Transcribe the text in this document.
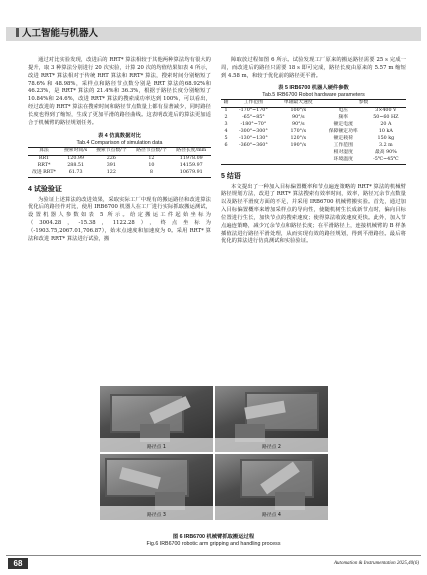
人工智能与机器人

通过对比实验发现，改进后的 RRT* 算法相较于其他两种算法均有很大的提升，取 3 种算法分别进行 20 次实验，计算 20 次的均值结果如表 4 所示，改进 RRT* 算法相对于传统 RRT 算法和 RRT* 算法，搜索时间分别缩短了 78.6% 和 48.98%，采样点和路径节点数分别是 RRT 算法的68.92%和 46.23%，是 RRT* 算法的 21.4%和 36.3%，根据于路径长度分别缩短了 10.84%和 24.6%，改进 RRT* 算法的搜索成功率达到 100%，可以看出，经过改进的 RRT* 算法在搜索时间和路径节点数量上都有显著减少，同时路径长度也得到了缩短，生成了更加平滑的路径曲线。这表明改进后的算法更加适合于机械臂的路径规划任务。

表 4 仿真数据对比

Tab.4 Comparison of simulation data

算法	搜索时间/s	搜索节点数/个	路径节点数/个	路径长度/mm
RRT	120.99	226	12	11978.09
RRT*	288.51	391	10	14159.97
改进 RRT*	61.73	122	8	10679.91
4 试验验证

为验证上述算法的改进效果，采取实际工厂中现有的搬运路径和改进算法优化后的路径作对比，使用 IRB6700 机器人在工厂进行实际抓取搬运测试，设置机器人参数如表 5 所示。给定搬运工件起始坐标为（3004.28，-15.38，1122.28），终点坐标为（-1903.75,2067.01,706.87），始末点速度和加速度为 0。采用 RRT* 算法和改进 RRT* 算法进行试验，搬

障取放过程如图 6 所示。试验发现工厂原来的搬运路径需要 25 s 完成一周，而改进后的路径只需要 18 s 即可完成，路径长度由原来的 5.57 m 缩短到 4.58 m，和较于优化前的路径更平滑。

表 5 IRB6700 机器人硬件参数

Tab.5 IRB6700 Robot hardware parameters

轴	工作范围	单轴最大速度	参数	
1	-170°~170°	100°/s	电压	3×400 V
2	-65°~85°	90°/s	频率	50~60 HZ
3	-180°~70°	90°/s	额定电流	20 A
4	-300°~300°	170°/s	保障额定功率	10 kA
5	-130°~130°	120°/s	额定载荷	150 kg
6	-360°~360°	190°/s	工作范围	3.2 m
			相对湿度	最高 90%
			环境温度	-5℃~45℃
5 结语

本文提出了一种加入目标偏置概率和节点遍连策略的 RRT* 算法的机械臂路径规划方法，改进了 RRT* 算法搜索有效率时间，效率，路径冗余节点数量以及路径平滑度方面的不足，并采用 IRB6700 机械臂搬实验。首先，通过加入目标偏置概率来增加采样点的导向性，使随机树生长成新节点时，偏向目标位置进行生长，加快节点的搜索速度；使得算法收敛速度更快。此外，加入节点遍连策略，减少冗余节点和路径长度；在平滑路径上，连接机械臂的 B 样条插值法进行路径平滑处理，从而实现有效的路径规划，得到平滑路径。最后将优化的算法进行仿真测试和实验验证。

路径点 1	路径点 2
路径点 3	路径点 4
图 6 IRB6700 机械臂抓取搬运过程
Fig.6 IRB6700 robotic arm gripping and handling process
68	Automation & Instrumentation 2025,40(6)
